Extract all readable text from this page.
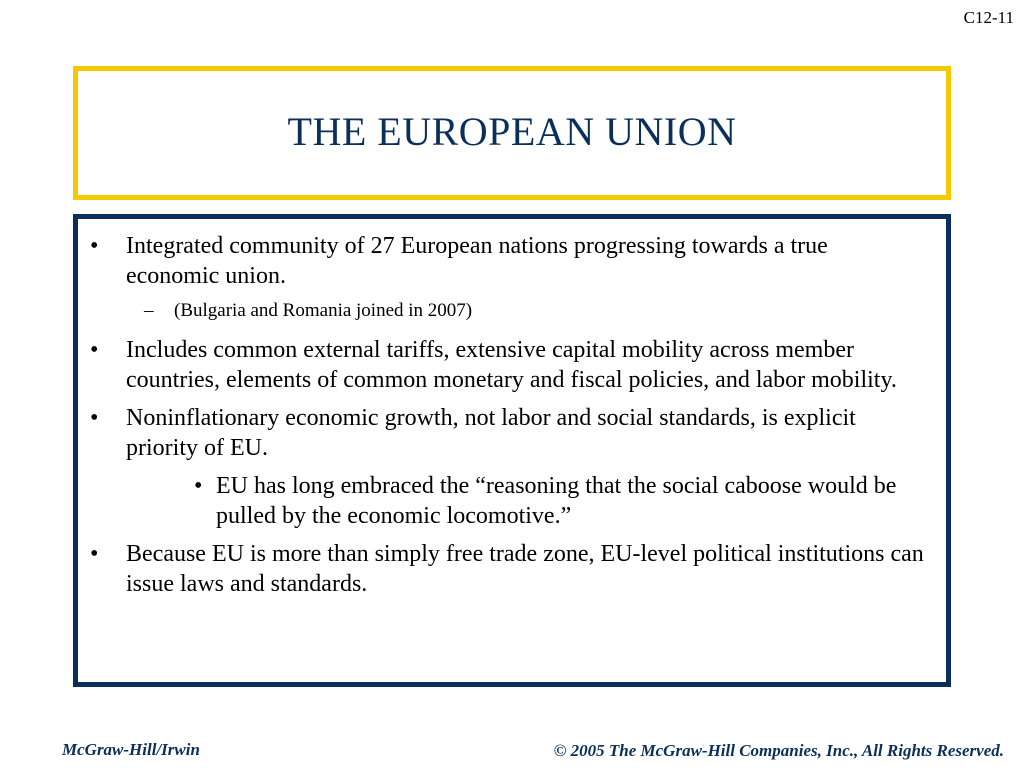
C12-11
THE EUROPEAN UNION
• Integrated community of 27 European nations progressing towards a true economic union.
– (Bulgaria and Romania joined in 2007)
• Includes common external tariffs, extensive capital mobility across member countries, elements of common monetary and fiscal policies, and labor mobility.
• Noninflationary economic growth, not labor and social standards, is explicit priority of EU.
• EU has long embraced the “reasoning that the social caboose would be pulled by the economic locomotive.”
• Because EU is more than simply free trade zone, EU-level political institutions can issue laws and standards.
McGraw-Hill/Irwin	© 2005 The McGraw-Hill Companies, Inc., All Rights Reserved.
